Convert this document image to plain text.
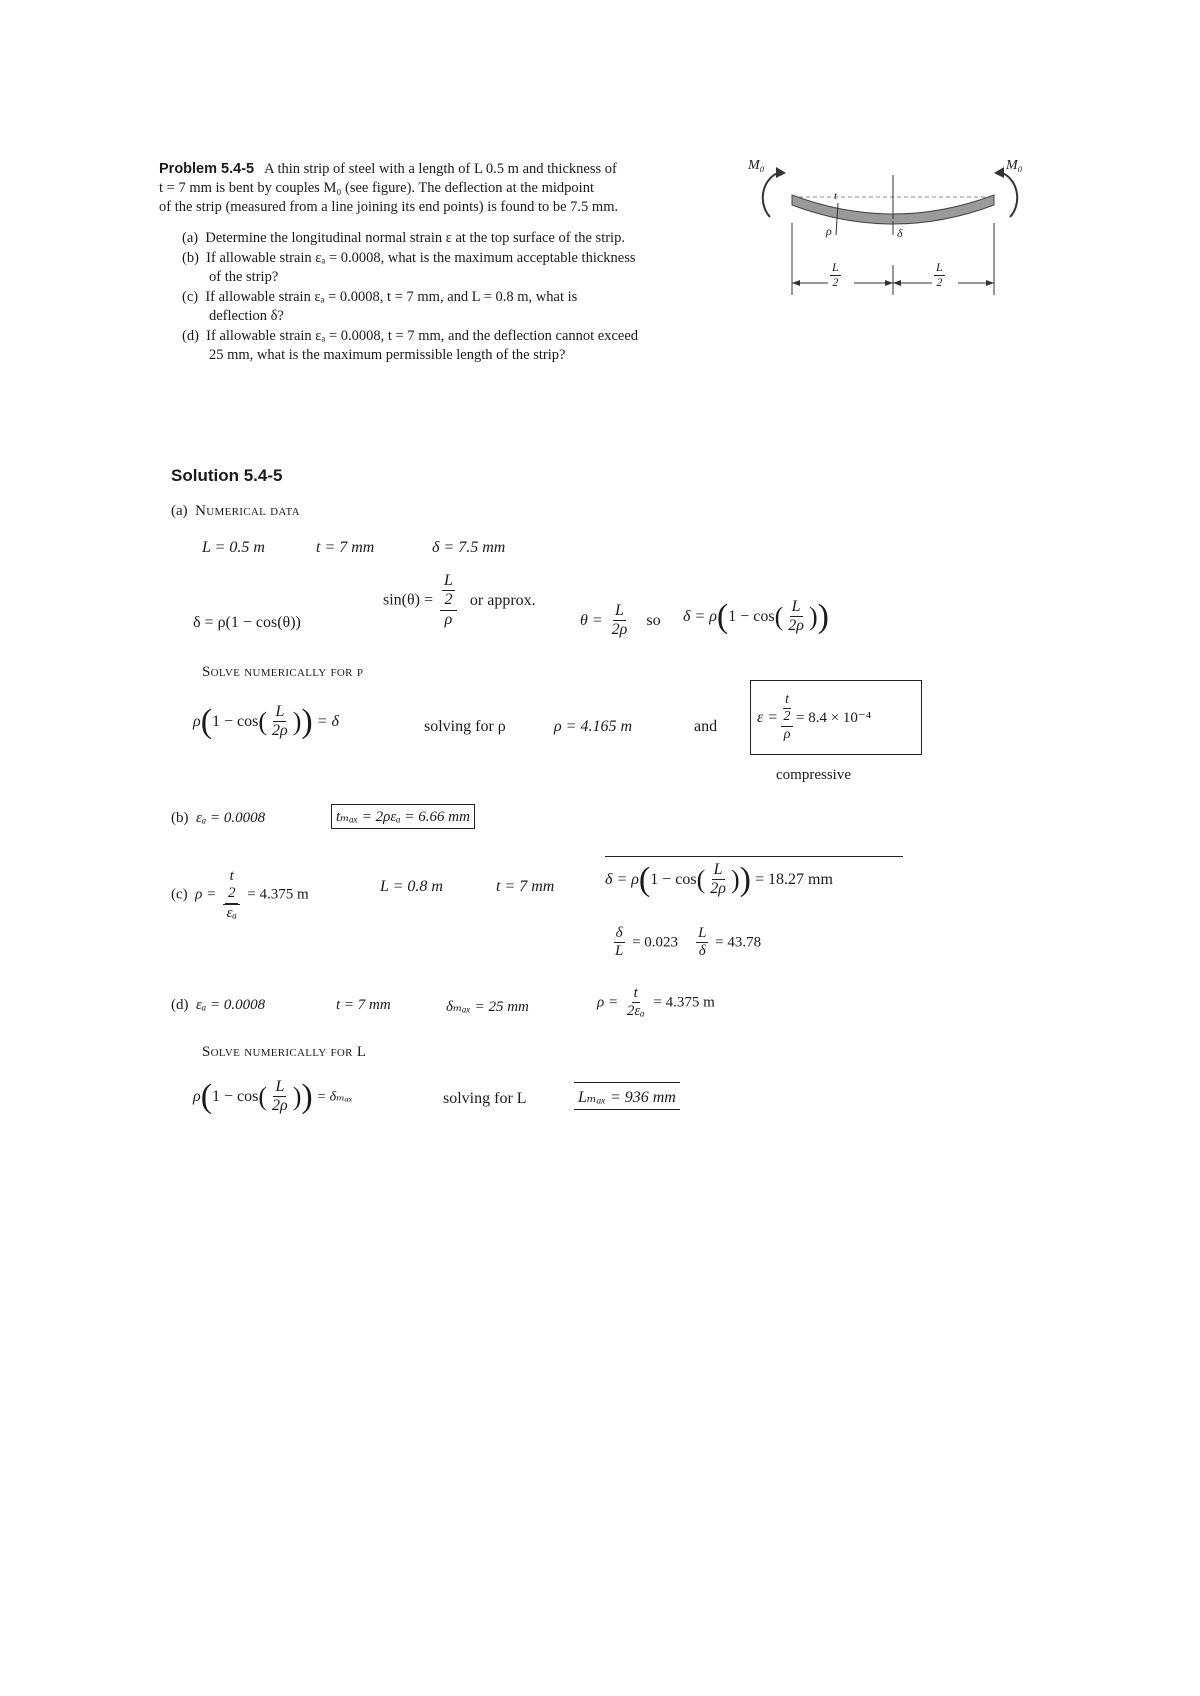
Problem 5.4-5 A thin strip of steel with a length of L 0.5 m and thickness of
t = 7 mm is bent by couples M₀ (see figure). The deflection at the midpoint
of the strip (measured from a line joining its end points) is found to be 7.5 mm.
(a) Determine the longitudinal normal strain ε at the top surface of the strip.
(b) If allowable strain εₐ = 0.0008, what is the maximum acceptable thickness
of the strip?
(c) If allowable strain εₐ = 0.0008, t = 7 mm, and L = 0.8 m, what is
deflection δ?
(d) If allowable strain εₐ = 0.0008, t = 7 mm, and the deflection cannot exceed
25 mm, what is the maximum permissible length of the strip?
M₀	M₀
t
δ
ρ
$\frac{L}{2}$	$\frac{L}{2}$
Solution 5.4-5
(a) Numerical data
L = 0.5 m	t = 7 mm	δ = 7.5 mm
δ = ρ(1 − cos(θ))
sin(θ) = L
2
ρ or approx.
$\theta = \frac{L}{2\rho}$ so $\delta = \rho(1 - \cos( \frac{L}{2\rho}$ ))
Solve numerically for ρ
$\rho(1 - \cos( \frac{L}{2\rho}$ )) = δ	solving for ρ	ρ = 4.165 m	and
ε = t
2
ρ = 8.4 × 10⁻⁴
compressive
(b) εₐ = 0.0008	tₘₐₓ = 2ρεₐ = 6.66 mm
(c) ρ = t
2
εₐ = 4.375 m	L = 0.8 m	t = 7 mm	$\delta = \rho(1 - \cos( \frac{L}{2\rho}$ )) = 18.27 mm
$\frac{\delta}{L} = 0.023 \frac{L}{\delta} = 43.78$
(d) εₐ = 0.0008	t = 7 mm	δₘₐₓ = 25 mm	$\rho = \frac{t}{\text{2εₐ}} = 4.375$ m
Solve numerically for L
$\rho(1 - \cos( \frac{L}{2\rho}$ )) = δₘₐₓ	solving for L	Lₘₐₓ = 936 mm
